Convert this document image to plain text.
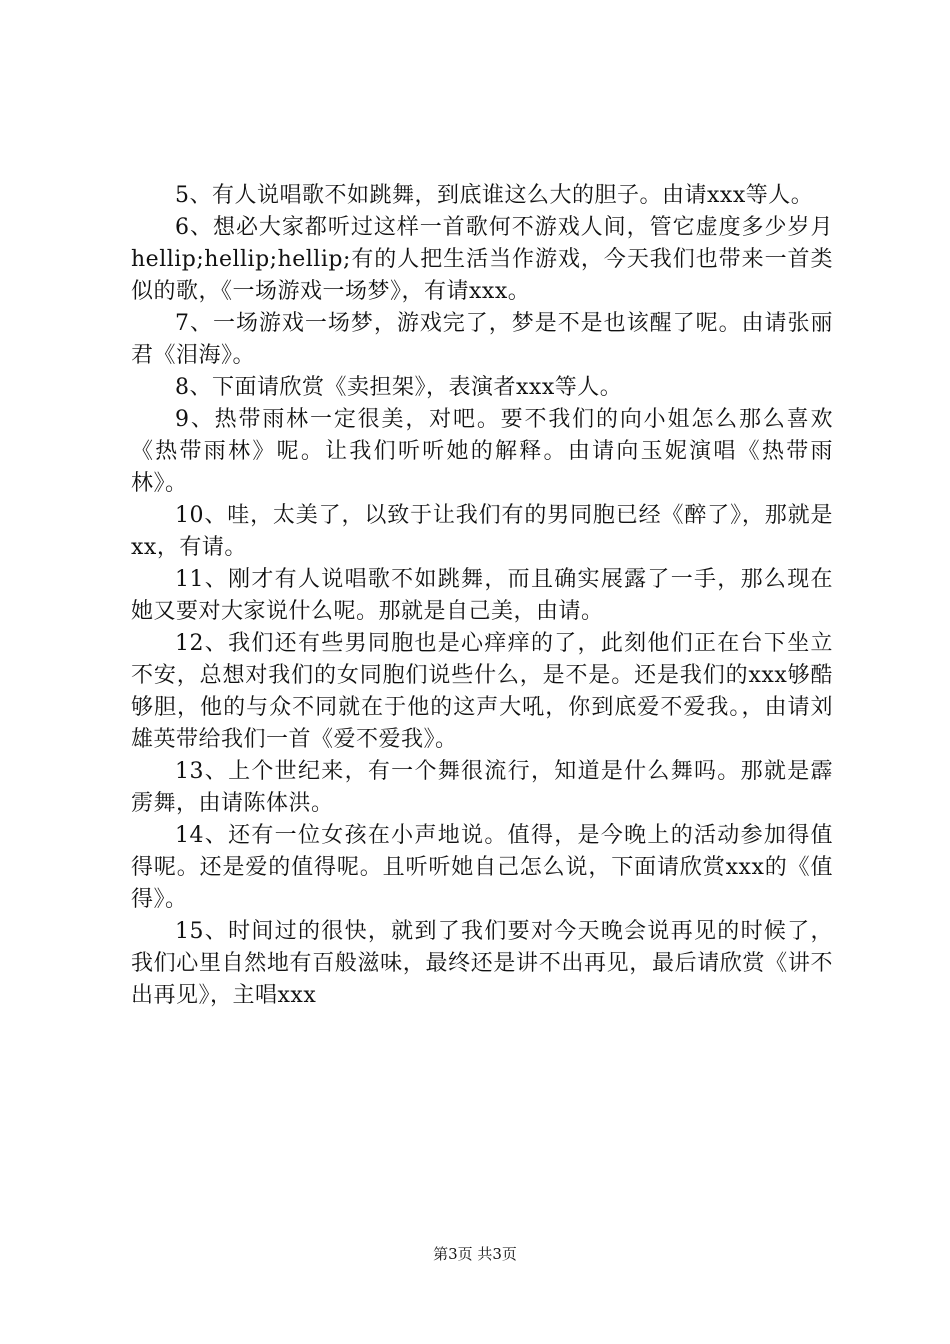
5、有人说唱歌不如跳舞，到底谁这么大的胆子。由请xxx等人。

6、想必大家都听过这样一首歌何不游戏人间，管它虚度多少岁月hellip;hellip;hellip;有的人把生活当作游戏，今天我们也带来一首类似的歌，《一场游戏一场梦》，有请xxx。

7、一场游戏一场梦，游戏完了，梦是不是也该醒了呢。由请张丽君《泪海》。

8、下面请欣赏《卖担架》，表演者xxx等人。

9、热带雨林一定很美，对吧。要不我们的向小姐怎么那么喜欢《热带雨林》呢。让我们听听她的解释。由请向玉妮演唱《热带雨林》。

10、哇，太美了，以致于让我们有的男同胞已经《醉了》，那就是xx，有请。

11、刚才有人说唱歌不如跳舞，而且确实展露了一手，那么现在她又要对大家说什么呢。那就是自己美，由请。

12、我们还有些男同胞也是心痒痒的了，此刻他们正在台下坐立不安，总想对我们的女同胞们说些什么，是不是。还是我们的xxx够酷够胆，他的与众不同就在于他的这声大吼，你到底爱不爱我。，由请刘雄英带给我们一首《爱不爱我》。

13、上个世纪来，有一个舞很流行，知道是什么舞吗。那就是霹雳舞，由请陈体洪。

14、还有一位女孩在小声地说。值得，是今晚上的活动参加得值得呢。还是爱的值得呢。且听听她自己怎么说，下面请欣赏xxx的《值得》。

15、时间过的很快，就到了我们要对今天晚会说再见的时候了，我们心里自然地有百般滋味，最终还是讲不出再见，最后请欣赏《讲不出再见》，主唱xxx

第3页 共3页
